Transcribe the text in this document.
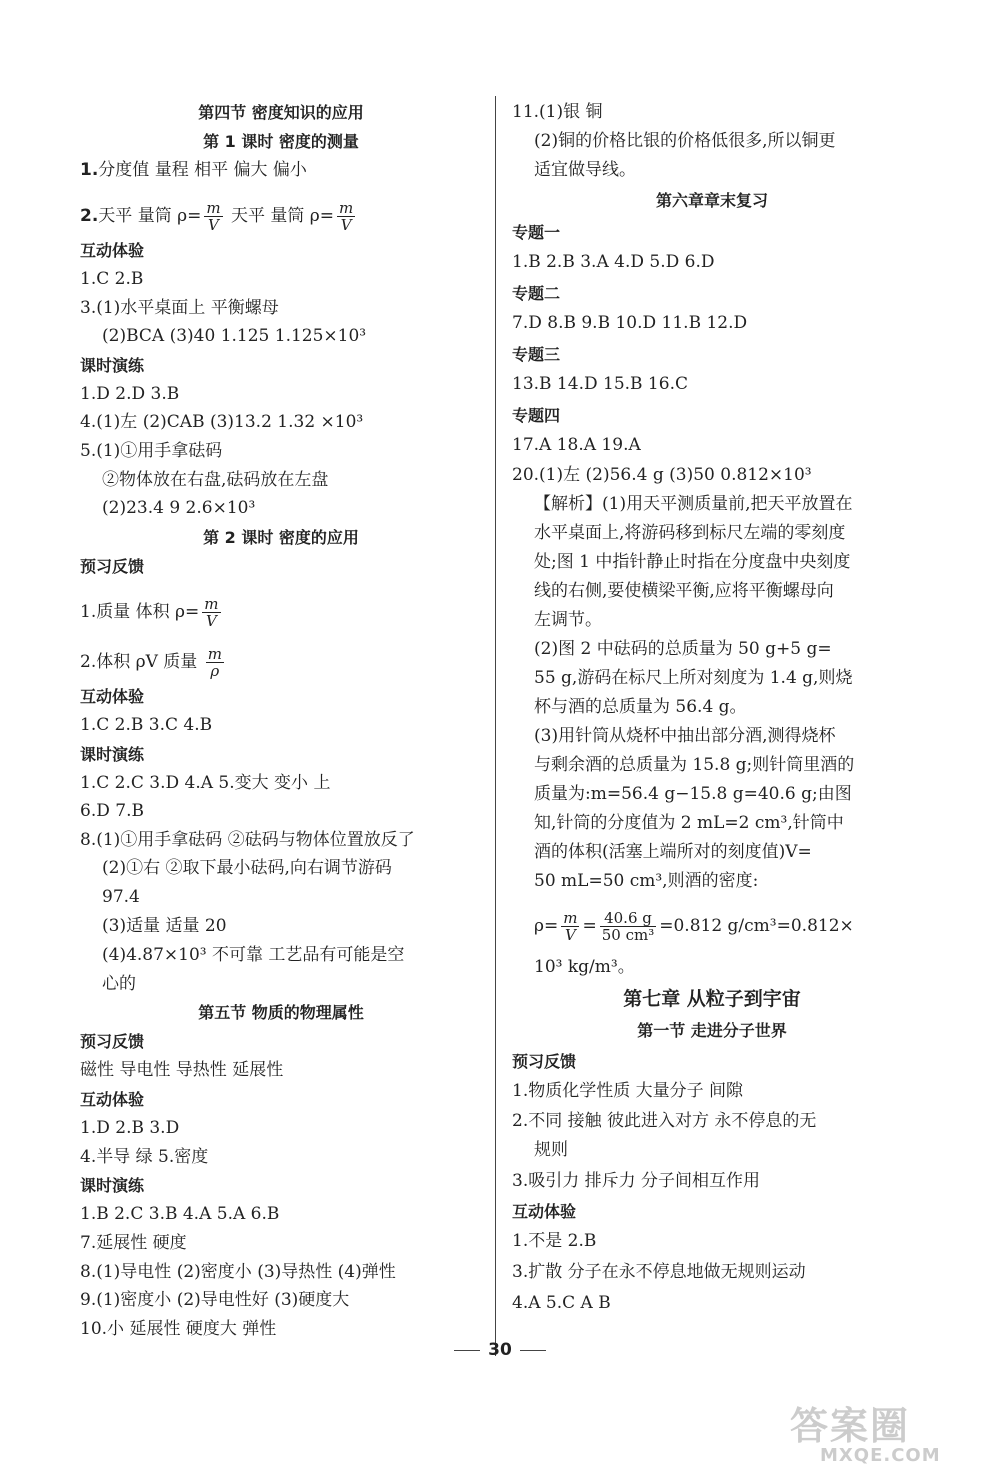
第四节 密度知识的应用
第 1 课时 密度的测量
1.分度值 量程 相平 偏大 偏小
2.天平 量筒 $\rho= \frac{m}{V}$ 天平 量筒 $\rho= \frac{m}{V}$
互动体验
1.C 2.B
3.(1)水平桌面上 平衡螺母
(2)BCA (3)40 1.125 1.125×10³
课时演练
1.D 2.D 3.B
4.(1)左 (2)CAB (3)13.2 1.32 ×10³
5.(1)①用手拿砝码
②物体放在右盘,砝码放在左盘
(2)23.4 9 2.6×10³
第 2 课时 密度的应用
预习反馈
1.质量 体积 $\rho= \frac{m}{V}$
2.体积 ρV 质量 $\frac{m}{\rho}$
互动体验
1.C 2.B 3.C 4.B
课时演练
1.C 2.C 3.D 4.A 5.变大 变小 上
6.D 7.B
8.(1)①用手拿砝码 ②砝码与物体位置放反了
(2)①右 ②取下最小砝码,向右调节游码
97.4
(3)适量 适量 20
(4)4.87×10³ 不可靠 工艺品有可能是空
心的
第五节 物质的物理属性
预习反馈
磁性 导电性 导热性 延展性
互动体验
1.D 2.B 3.D
4.半导 绿 5.密度
课时演练
1.B 2.C 3.B 4.A 5.A 6.B
7.延展性 硬度
8.(1)导电性 (2)密度小 (3)导热性 (4)弹性
9.(1)密度小 (2)导电性好 (3)硬度大
10.小 延展性 硬度大 弹性
11.(1)银 铜
(2)铜的价格比银的价格低很多,所以铜更
适宜做导线。
第六章章末复习
专题一
1.B 2.B 3.A 4.D 5.D 6.D
专题二
7.D 8.B 9.B 10.D 11.B 12.D
专题三
13.B 14.D 15.B 16.C
专题四
17.A 18.A 19.A
20.(1)左 (2)56.4 g (3)50 0.812×10³
【解析】(1)用天平测质量前,把天平放置在
水平桌面上,将游码移到标尺左端的零刻度
处;图 1 中指针静止时指在分度盘中央刻度
线的右侧,要使横梁平衡,应将平衡螺母向
左调节。
(2)图 2 中砝码的总质量为 50 g+5 g=
55 g,游码在标尺上所对刻度为 1.4 g,则烧
杯与酒的总质量为 56.4 g。
(3)用针筒从烧杯中抽出部分酒,测得烧杯
与剩余酒的总质量为 15.8 g;则针筒里酒的
质量为:m=56.4 g−15.8 g=40.6 g;由图
知,针筒的分度值为 2 mL=2 cm³,针筒中
酒的体积(活塞上端所对的刻度值)V=
50 mL=50 cm³,则酒的密度:
$\rho= \frac{m}{V} = \frac{40.6 g}{\text{50 cm³}} =0.812$ g/cm³=0.812×
10³ kg/m³。
第七章 从粒子到宇宙
第一节 走进分子世界
预习反馈
1.物质化学性质 大量分子 间隙
2.不同 接触 彼此进入对方 永不停息的无
规则
3.吸引力 排斥力 分子间相互作用
互动体验
1.不是 2.B
3.扩散 分子在永不停息地做无规则运动
4.A 5.C A B
30
答案圈
MXQE.COM
